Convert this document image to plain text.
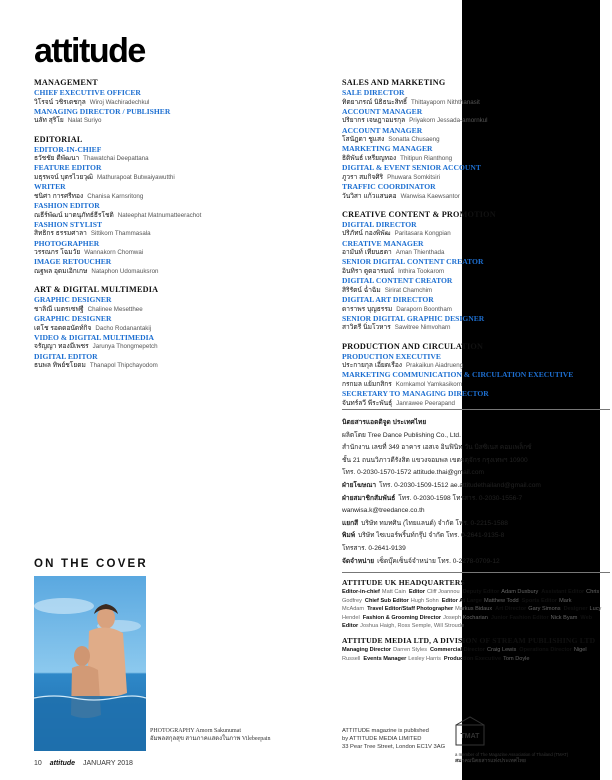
attitude
MANAGEMENT
CHIEF EXECUTIVE OFFICER
วิโรจน์ วชิรเดชกุล Wiroj Wachiradechkul
MANAGING DIRECTOR / PUBLISHER
นลัท สุริโย Nalat Suriyo
EDITORIAL
EDITOR-IN-CHIEF
ธวัชชัย ดีพัฒนา Thawatchai Deepattana
FEATURE EDITOR
มธุรพจน์ บุตรไวยวุฒิ Mathurapoat Butwaiyawutthi
WRITER
ชนิศา การศรีทอง Chanisa Karnsritong
FASHION EDITOR
ณธีร์พัฒน์ มาตนุภัทธ์ธีรโชติ Nateephat Matnumatteerachot
FASHION STYLIST
สิทธิกร ธรรมศาลา Sittikorn Thammasala
PHOTOGRAPHER
วรรณกร โฉมวัย Wannakorn Chomwai
IMAGE RETOUCHER
ณฐพล อุดมเอิกเกษ Nataphon Udomauksron
ART & DIGITAL MULTIMEDIA
GRAPHIC DESIGNER
ชาลิณี เมตรเซฟฐี Chalinee Mesetthee
GRAPHIC DESIGNER
เดโช รอดดอนัดท์กิจ Dacho Rodanantakij
VIDEO & DIGITAL MULTIMEDIA
จรัญญา ทองมีเพชร Jarunya Thongmepetch
DIGITAL EDITOR
ธนพล ทิพย์ชโยดม Thanapol Thipchayodom
SALES AND MARKETING
SALE DIRECTOR
ทิตยาภรณ์ นิธิธนะสิทธิ์ Thittayaporn Niththanasit
ACCOUNT MANAGER
ปริยากร เจษฎาอมรกุล Priyakorn Jessada-amornkul
ACCOUNT MANAGER
โสนัฎดา ชูแสง Sonatta Chusaeng
MARKETING MANAGER
ธิติพันธ์ เหรียญทอง Thitipun Rianthong
DIGITAL & EVENT SENIOR ACCOUNT
ภูวรา สมกิจศิริ Phuwara Somkitsiri
TRAFFIC COORDINATOR
วันวิสา แก้วแสนคอ Wanwisa Kaewsantor
CREATIVE CONTENT & PROMOTION
DIGITAL DIRECTOR
ปริภัทน์ กองพิพัฒ Paritasara Kongpian
CREATIVE MANAGER
อามันท์ เทียนธดา Aman Thienthada
SENIOR DIGITAL CONTENT CREATOR
อินทิรา ตูดอารมณ์ Inthira Tookarom
DIGITAL CONTENT CREATOR
สิริรัตน์ ฉ่ำฉิม Sirirat Chamchim
DIGITAL ART DIRECTOR
ดาราพร บุญธรรม Daraporn Boontham
SENIOR DIGITAL GRAPHIC DESIGNER
สาวิตรี นิ่มโวหาร Sawitree Nimvoharn
PRODUCTION AND CIRCULATION
PRODUCTION EXECUTIVE
ประกายกุล เอี่ยดเรือง Prakaikun Aiadrueng
MARKETING COMMUNICATION & CIRCULATION EXECUTIVE
กรกมล แย้มกสิกร Kornkamol Yamkasikorn
SECRETARY TO MANAGING DIRECTOR
จันทร์ลวี พีระพันธุ์ Janrawee Peerapand
นิตยสารแอตติจูด ประเทศไทย
ผลิตโดย Tree Dance Publishing Co., Ltd.
สำนักงาน เลขที่ 349 อาคาร เอสเจ อินฟินิท วัน บิสซิเนส คอมเพล็กซ์
ชั้น 21 ถนนวิภาวดีรังสิต แขวงจอมพล เขตจตุจักร กรุงเทพฯ 10900
โทร. 0-2030-1570-1572 attitude.thai@gmail.com
ฝ่ายโฆษณา โทร. 0-2030-1509-1512 ae.attitudethailand@gmail.com
ฝ่ายสมาชิกสัมพันธ์ โทร. 0-2030-1598 โทรสาร. 0-2030-1556-7
wanwisa.k@treedance.co.th
แยกสี บริษัท ทมทศิน (ไทยแลนด์) จำกัด โทร. 0-2215-1588
พิมพ์ บริษัท ไซเบอร์พริ้นท์กรุ๊ป จำกัด โทร. 0-2641-9135-8
โทรสาร. 0-2641-9139
จัดจำหน่าย เซ็ดบุ๊คเซ็นจ์จำหน่าย โทร. 0-2278-0709-12
ON THE COVER
PHOTOGRAPHY Amorn Sakunumat
อัมพลสกุลสุข สามภาคแสดงในภาพ Vilebeepain
ATTITUDE UK HEADQUARTERS
Editor-in-chief Matt Cain Editor Cliff Joannou Deputy Editor Adam Duxbury Assistant Editor Chris Godfrey Chief Sub Editor Hugh Sohn Editor At Large Matthew Todd Sports Editor Mark McAdam Travel Editor/Staff Photographer Markus Bidaux Art Director Gary Simons Designer Lucy Hendel Fashion & Grooming Director Joseph Kocharian Junior Fashion Editor Nick Byam Web Editor Joshua Haigh, Ross Semple, Will Stroude
ATTITUDE MEDIA LTD, A DIVISION OF STREAM PUBLISHING LTD
Managing Director Darren Styles Commercial Director Craig Lewis Operations Director Nigel Russell Events Manager Lesley Harris Production Executive Tom Doyle
ATTITUDE magazine is published
by ATTITUDE MEDIA LIMITED
33 Pear Tree Street, London EC1V 3AG
TMAT
a member of The Magazine Association of Thailand (TMAT)
สมาคมนิตยสารแห่งประเทศไทย
10 attitude JANUARY 2018
